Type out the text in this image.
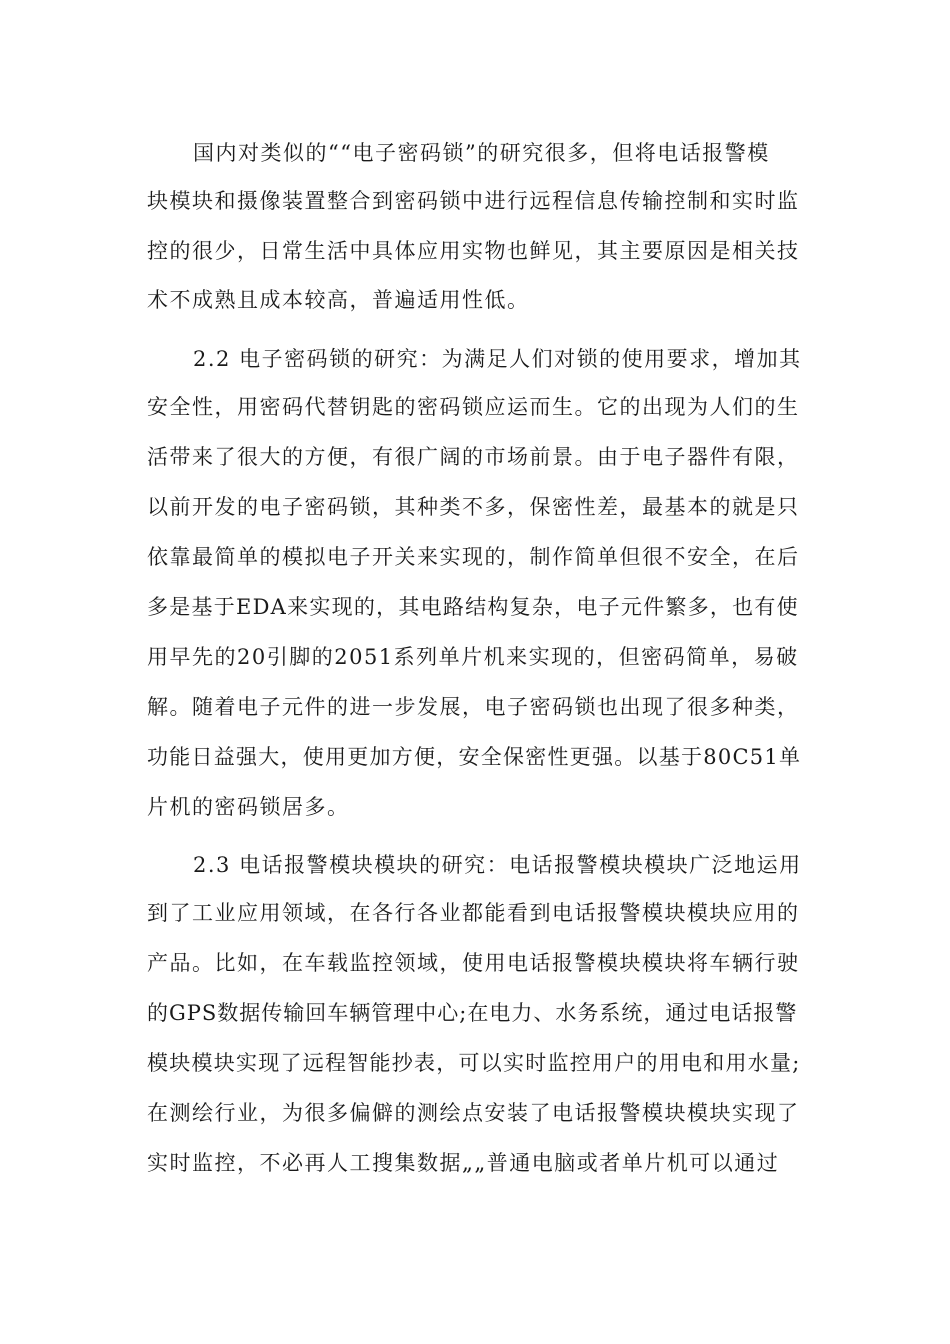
国内对类似的““电子密码锁”的研究很多，但将电话报警模
块模块和摄像装置整合到密码锁中进行远程信息传输控制和实时监
控的很少，日常生活中具体应用实物也鲜见，其主要原因是相关技
术不成熟且成本较高，普遍适用性低。
2.2 电子密码锁的研究：为满足人们对锁的使用要求，增加其
安全性，用密码代替钥匙的密码锁应运而生。它的出现为人们的生
活带来了很大的方便，有很广阔的市场前景。由于电子器件有限，
以前开发的电子密码锁，其种类不多，保密性差，最基本的就是只
依靠最简单的模拟电子开关来实现的，制作简单但很不安全，在后
多是基于EDA来实现的，其电路结构复杂，电子元件繁多，也有使
用早先的20引脚的2051系列单片机来实现的，但密码简单，易破
解。随着电子元件的进一步发展，电子密码锁也出现了很多种类，
功能日益强大，使用更加方便，安全保密性更强。以基于80C51单
片机的密码锁居多。
2.3 电话报警模块模块的研究：电话报警模块模块广泛地运用
到了工业应用领域，在各行各业都能看到电话报警模块模块应用的
产品。比如，在车载监控领域，使用电话报警模块模块将车辆行驶
的GPS数据传输回车辆管理中心;在电力、水务系统，通过电话报警
模块模块实现了远程智能抄表，可以实时监控用户的用电和用水量;
在测绘行业，为很多偏僻的测绘点安装了电话报警模块模块实现了
实时监控，不必再人工搜集数据„„普通电脑或者单片机可以通过
